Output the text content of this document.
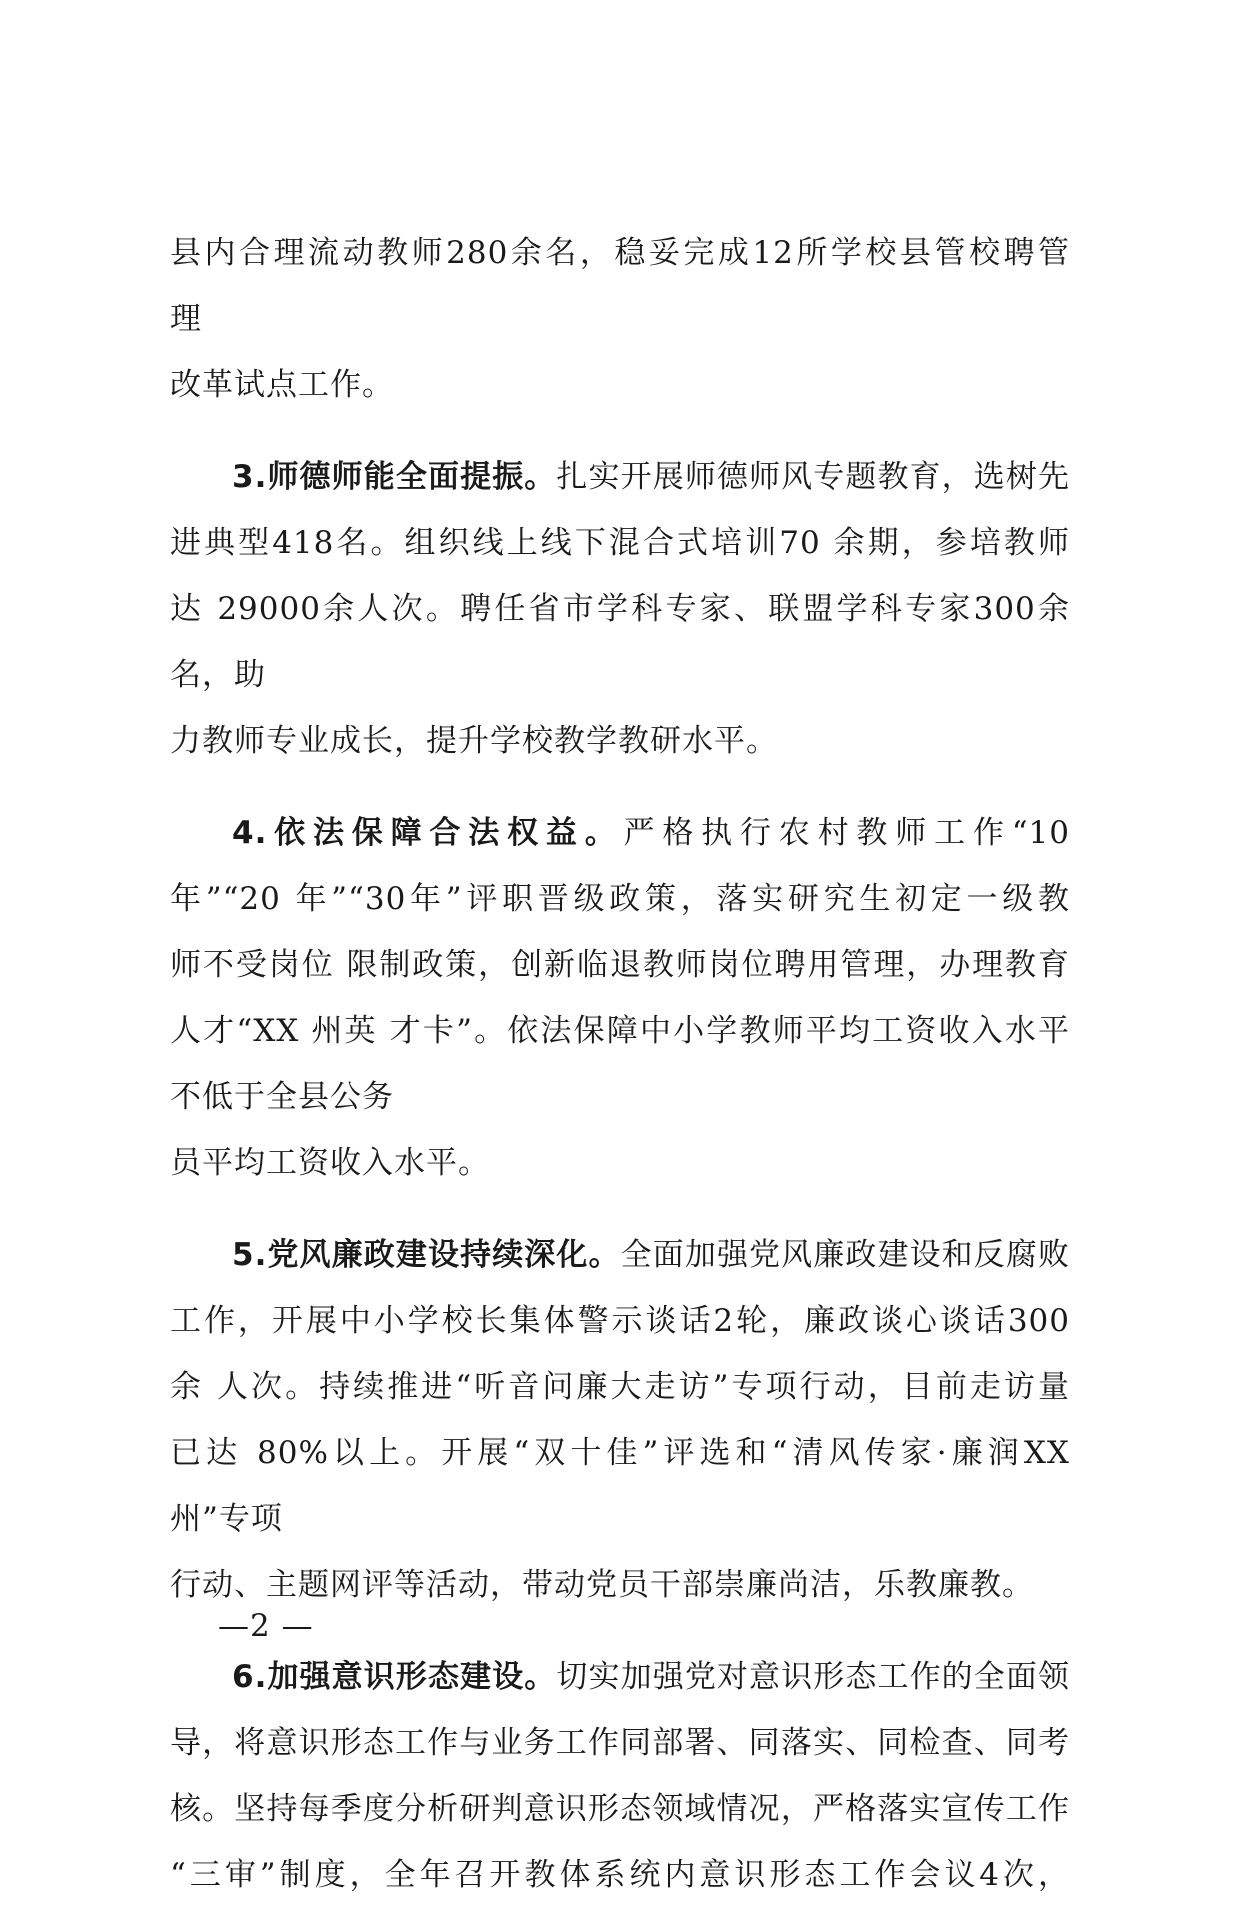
县内合理流动教师280余名，稳妥完成12所学校县管校聘管
理
改革试点工作。
3.师德师能全面提振。扎实开展师德师风专题教育，选树先
进典型418名。组织线上线下混合式培训70 余期，参培教师
达 29000余人次。聘任省市学科专家、联盟学科专家300余
名，助
力教师专业成长，提升学校教学教研水平。
4.依法保障合法权益。严格执行农村教师工作“10
年”“20 年”“30年”评职晋级政策，落实研究生初定一级教
师不受岗位 限制政策，创新临退教师岗位聘用管理，办理教育
人才“XX 州英 才卡”。依法保障中小学教师平均工资收入水平
不低于全县公务
员平均工资收入水平。
5.党风廉政建设持续深化。全面加强党风廉政建设和反腐败
工作，开展中小学校长集体警示谈话2轮，廉政谈心谈话300
余 人次。持续推进“听音问廉大走访”专项行动，目前走访量
已达 80%以上。开展“双十佳”评选和“清风传家·廉润XX
州”专项
行动、主题网评等活动，带动党员干部崇廉尚洁，乐教廉教。
6.加强意识形态建设。切实加强党对意识形态工作的全面领
导，将意识形态工作与业务工作同部署、同落实、同检查、同考
核。坚持每季度分析研判意识形态领域情况，严格落实宣传工作
“三审”制度，全年召开教体系统内意识形态工作会议4次，
—2 —
